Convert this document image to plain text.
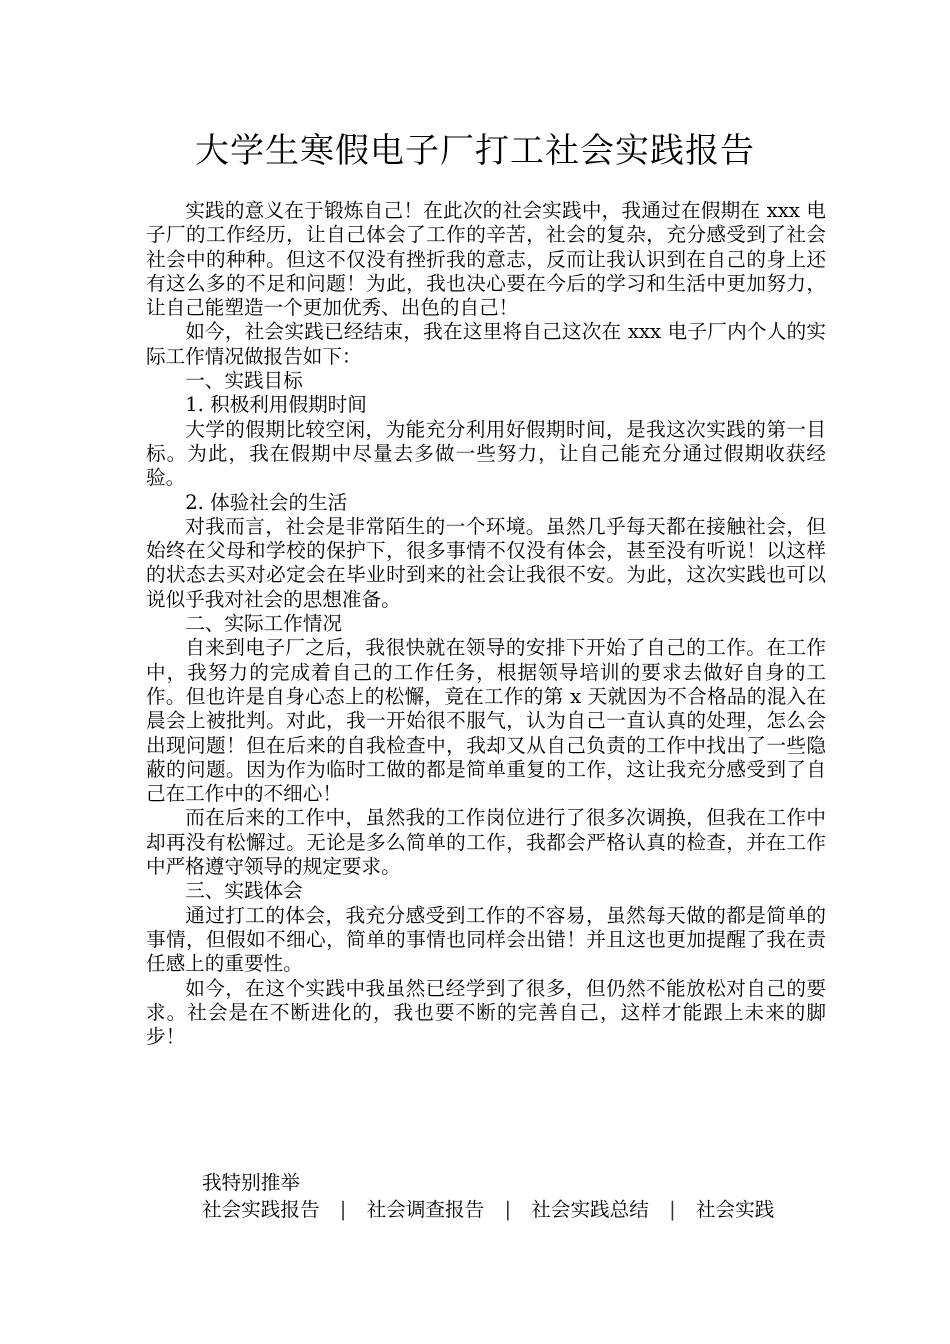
大学生寒假电子厂打工社会实践报告

实践的意义在于锻炼自己！在此次的社会实践中，我通过在假期在 xxx 电子厂的工作经历，让自己体会了工作的辛苦，社会的复杂，充分感受到了社会社会中的种种。但这不仅没有挫折我的意志，反而让我认识到在自己的身上还有这么多的不足和问题！为此，我也决心要在今后的学习和生活中更加努力，让自己能塑造一个更加优秀、出色的自己！

如今，社会实践已经结束，我在这里将自己这次在 xxx 电子厂内个人的实际工作情况做报告如下：

一、实践目标

1. 积极利用假期时间

大学的假期比较空闲，为能充分利用好假期时间，是我这次实践的第一目标。为此，我在假期中尽量去多做一些努力，让自己能充分通过假期收获经验。

2. 体验社会的生活

对我而言，社会是非常陌生的一个环境。虽然几乎每天都在接触社会，但始终在父母和学校的保护下，很多事情不仅没有体会，甚至没有听说！以这样的状态去买对必定会在毕业时到来的社会让我很不安。为此，这次实践也可以说似乎我对社会的思想准备。

二、实际工作情况

自来到电子厂之后，我很快就在领导的安排下开始了自己的工作。在工作中，我努力的完成着自己的工作任务，根据领导培训的要求去做好自身的工作。但也许是自身心态上的松懈，竟在工作的第 x 天就因为不合格品的混入在晨会上被批判。对此，我一开始很不服气，认为自己一直认真的处理，怎么会出现问题！但在后来的自我检查中，我却又从自己负责的工作中找出了一些隐蔽的问题。因为作为临时工做的都是简单重复的工作，这让我充分感受到了自己在工作中的不细心！

而在后来的工作中，虽然我的工作岗位进行了很多次调换，但我在工作中却再没有松懈过。无论是多么简单的工作，我都会严格认真的检查，并在工作中严格遵守领导的规定要求。

三、实践体会

通过打工的体会，我充分感受到工作的不容易，虽然每天做的都是简单的事情，但假如不细心，简单的事情也同样会出错！并且这也更加提醒了我在责任感上的重要性。

如今，在这个实践中我虽然已经学到了很多，但仍然不能放松对自己的要求。社会是在不断进化的，我也要不断的完善自己，这样才能跟上未来的脚步！

我特别推举
社会实践报告 | 社会调查报告 | 社会实践总结 | 社会实践
